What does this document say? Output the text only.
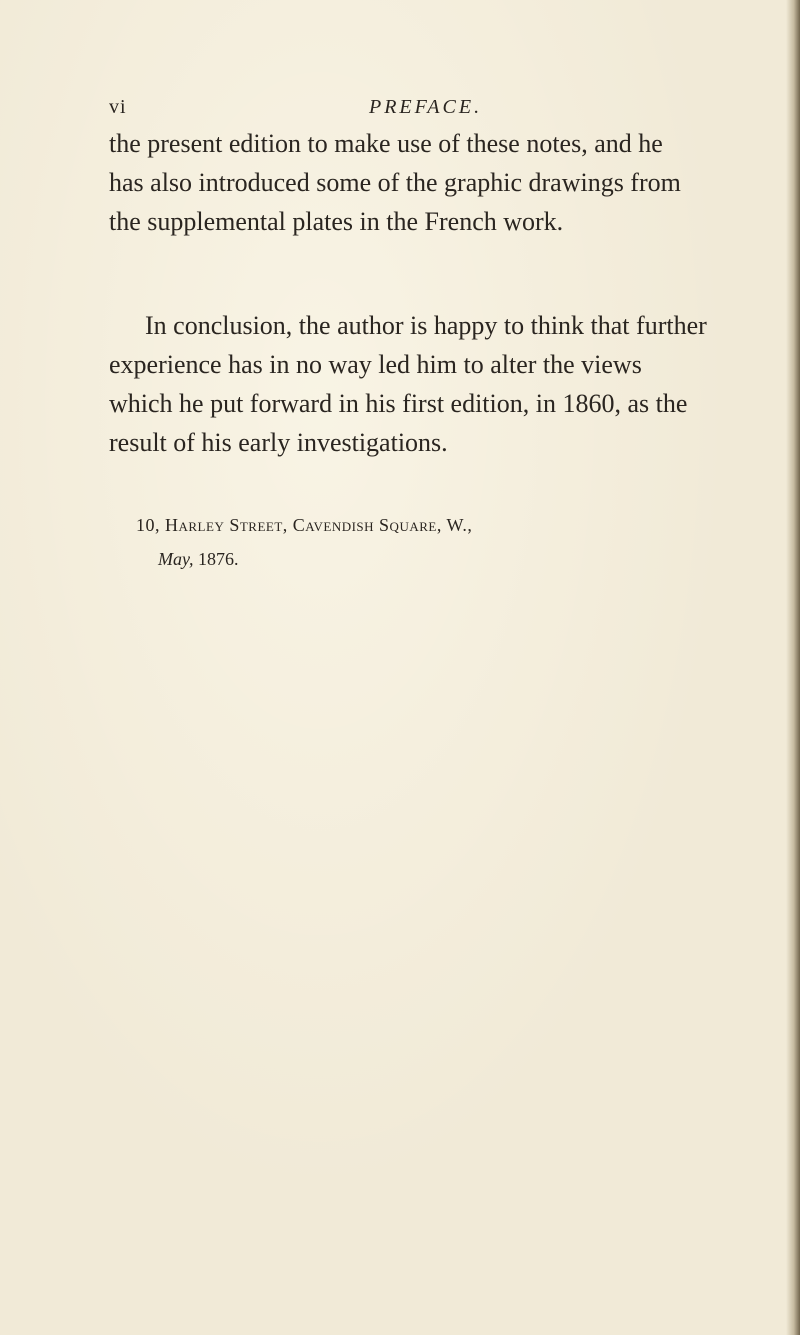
vi	PREFACE.

the present edition to make use of these notes, and he
has also introduced some of the graphic drawings from
the supplemental plates in the French work.

In conclusion, the author is happy to think that further
experience has in no way led him to alter the views
which he put forward in his first edition, in 1860, as the
result of his early investigations.

10, Harley Street, Cavendish Square, W.,
May, 1876.
